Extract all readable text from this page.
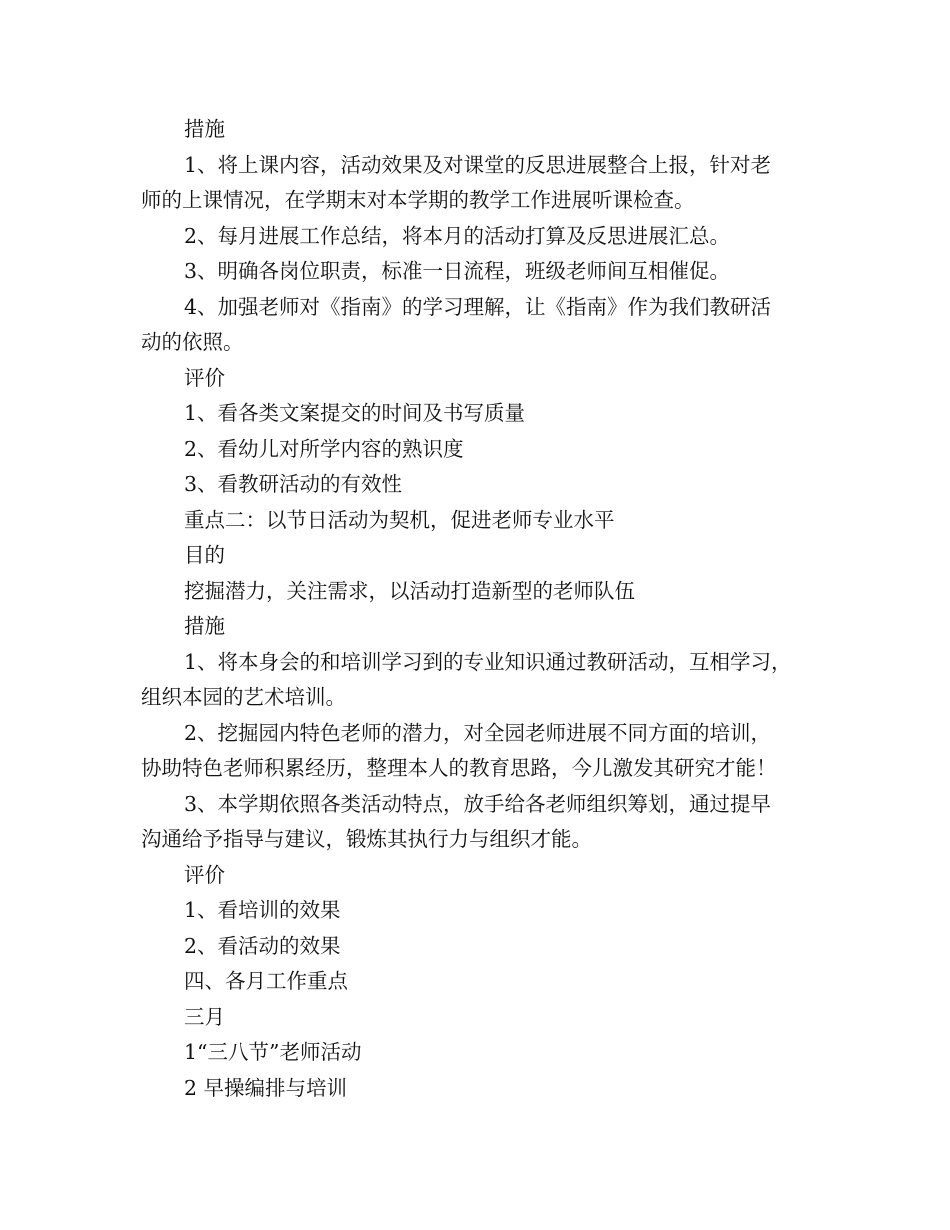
措施

1、将上课内容，活动效果及对课堂的反思进展整合上报，针对老

师的上课情况，在学期末对本学期的教学工作进展听课检查。

2、每月进展工作总结，将本月的活动打算及反思进展汇总。

3、明确各岗位职责，标准一日流程，班级老师间互相催促。

4、加强老师对《指南》的学习理解，让《指南》作为我们教研活

动的依照。

评价

1、看各类文案提交的时间及书写质量

2、看幼儿对所学内容的熟识度

3、看教研活动的有效性

重点二：以节日活动为契机，促进老师专业水平

目的

挖掘潜力，关注需求，以活动打造新型的老师队伍

措施

1、将本身会的和培训学习到的专业知识通过教研活动，互相学习，

组织本园的艺术培训。

2、挖掘园内特色老师的潜力，对全园老师进展不同方面的培训，

协助特色老师积累经历，整理本人的教育思路，今儿激发其研究才能！

3、本学期依照各类活动特点，放手给各老师组织筹划，通过提早

沟通给予指导与建议，锻炼其执行力与组织才能。

评价

1、看培训的效果

2、看活动的效果

四、各月工作重点

三月

1“三八节”老师活动

2 早操编排与培训
